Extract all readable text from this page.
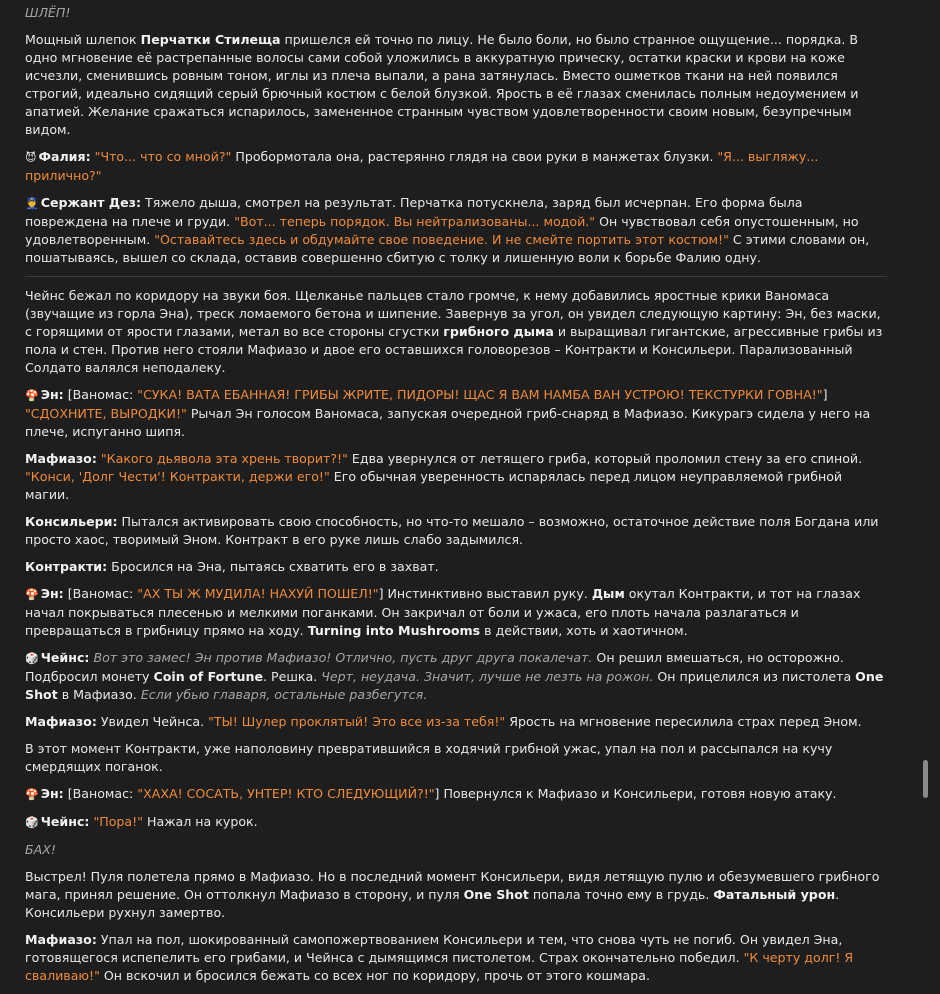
ШЛЁП!

Мощный шлепок Перчатки Стилеща пришелся ей точно по лицу. Не было боли, но было странное ощущение... порядка. В одно мгновение её растрепанные волосы сами собой уложились в аккуратную прическу, остатки краски и крови на коже исчезли, сменившись ровным тоном, иглы из плеча выпали, а рана затянулась. Вместо ошметков ткани на ней появился строгий, идеально сидящий серый брючный костюм с белой блузкой. Ярость в её глазах сменилась полным недоумением и апатией. Желание сражаться испарилось, замененное странным чувством удовлетворенности своим новым, безупречным видом.

😈 Фалия: "Что... что со мной?" Пробормотала она, растерянно глядя на свои руки в манжетах блузки. "Я... выгляжу... прилично?"

👮 Сержант Дез: Тяжело дыша, смотрел на результат. Перчатка потускнела, заряд был исчерпан. Его форма была повреждена на плече и груди. "Вот... теперь порядок. Вы нейтрализованы... модой." Он чувствовал себя опустошенным, но удовлетворенным. "Оставайтесь здесь и обдумайте свое поведение. И не смейте портить этот костюм!" С этими словами он, пошатываясь, вышел со склада, оставив совершенно сбитую с толку и лишенную воли к борьбе Фалию одну.

Чейнс бежал по коридору на звуки боя. Щелканье пальцев стало громче, к нему добавились яростные крики Ваномаса (звучащие из горла Эна), треск ломаемого бетона и шипение. Завернув за угол, он увидел следующую картину: Эн, без маски, с горящими от ярости глазами, метал во все стороны сгустки грибного дыма и выращивал гигантские, агрессивные грибы из пола и стен. Против него стояли Мафиазо и двое его оставшихся головорезов – Контракти и Консильери. Парализованный Солдато валялся неподалеку.

🍄 Эн: [Ваномас: "СУКА! ВАТА ЕБАННАЯ! ГРИБЫ ЖРИТЕ, ПИДОРЫ! ЩАС Я ВАМ НАМБА ВАН УСТРОЮ! ТЕКСТУРКИ ГОВНА!"] "СДОХНИТЕ, ВЫРОДКИ!" Рычал Эн голосом Ваномаса, запуская очередной гриб-снаряд в Мафиазо. Кикурагэ сидела у него на плече, испуганно шипя.

Мафиазо: "Какого дьявола эта хрень творит?!" Едва увернулся от летящего гриба, который проломил стену за его спиной. "Конси, 'Долг Чести'! Контракти, держи его!" Его обычная уверенность испарялась перед лицом неуправляемой грибной магии.

Консильери: Пытался активировать свою способность, но что-то мешало – возможно, остаточное действие поля Богдана или просто хаос, творимый Эном. Контракт в его руке лишь слабо задымился.

Контракти: Бросился на Эна, пытаясь схватить его в захват.

🍄 Эн: [Ваномас: "АХ ТЫ Ж МУДИЛА! НАХУЙ ПОШЕЛ!"] Инстинктивно выставил руку. Дым окутал Контракти, и тот на глазах начал покрываться плесенью и мелкими поганками. Он закричал от боли и ужаса, его плоть начала разлагаться и превращаться в грибницу прямо на ходу. Turning into Mushrooms в действии, хоть и хаотичном.

🎲 Чейнс: Вот это замес! Эн против Мафиазо! Отлично, пусть друг друга покалечат. Он решил вмешаться, но осторожно. Подбросил монету Coin of Fortune. Решка. Черт, неудача. Значит, лучше не лезть на рожон. Он прицелился из пистолета One Shot в Мафиазо. Если убью главаря, остальные разбегутся.

Мафиазо: Увидел Чейнса. "ТЫ! Шулер проклятый! Это все из-за тебя!" Ярость на мгновение пересилила страх перед Эном.

В этот момент Контракти, уже наполовину превратившийся в ходячий грибной ужас, упал на пол и рассыпался на кучу смердящих поганок.

🍄 Эн: [Ваномас: "ХАХА! СОСАТЬ, УНТЕР! КТО СЛЕДУЮЩИЙ?!"] Повернулся к Мафиазо и Консильери, готовя новую атаку.

🎲 Чейнс: "Пора!" Нажал на курок.

БАХ!

Выстрел! Пуля полетела прямо в Мафиазо. Но в последний момент Консильери, видя летящую пулю и обезумевшего грибного мага, принял решение. Он оттолкнул Мафиазо в сторону, и пуля One Shot попала точно ему в грудь. Фатальный урон. Консильери рухнул замертво.

Мафиазо: Упал на пол, шокированный самопожертвованием Консильери и тем, что снова чуть не погиб. Он увидел Эна, готовящегося испепелить его грибами, и Чейнса с дымящимся пистолетом. Страх окончательно победил. "К черту долг! Я сваливаю!" Он вскочил и бросился бежать со всех ног по коридору, прочь от этого кошмара.
